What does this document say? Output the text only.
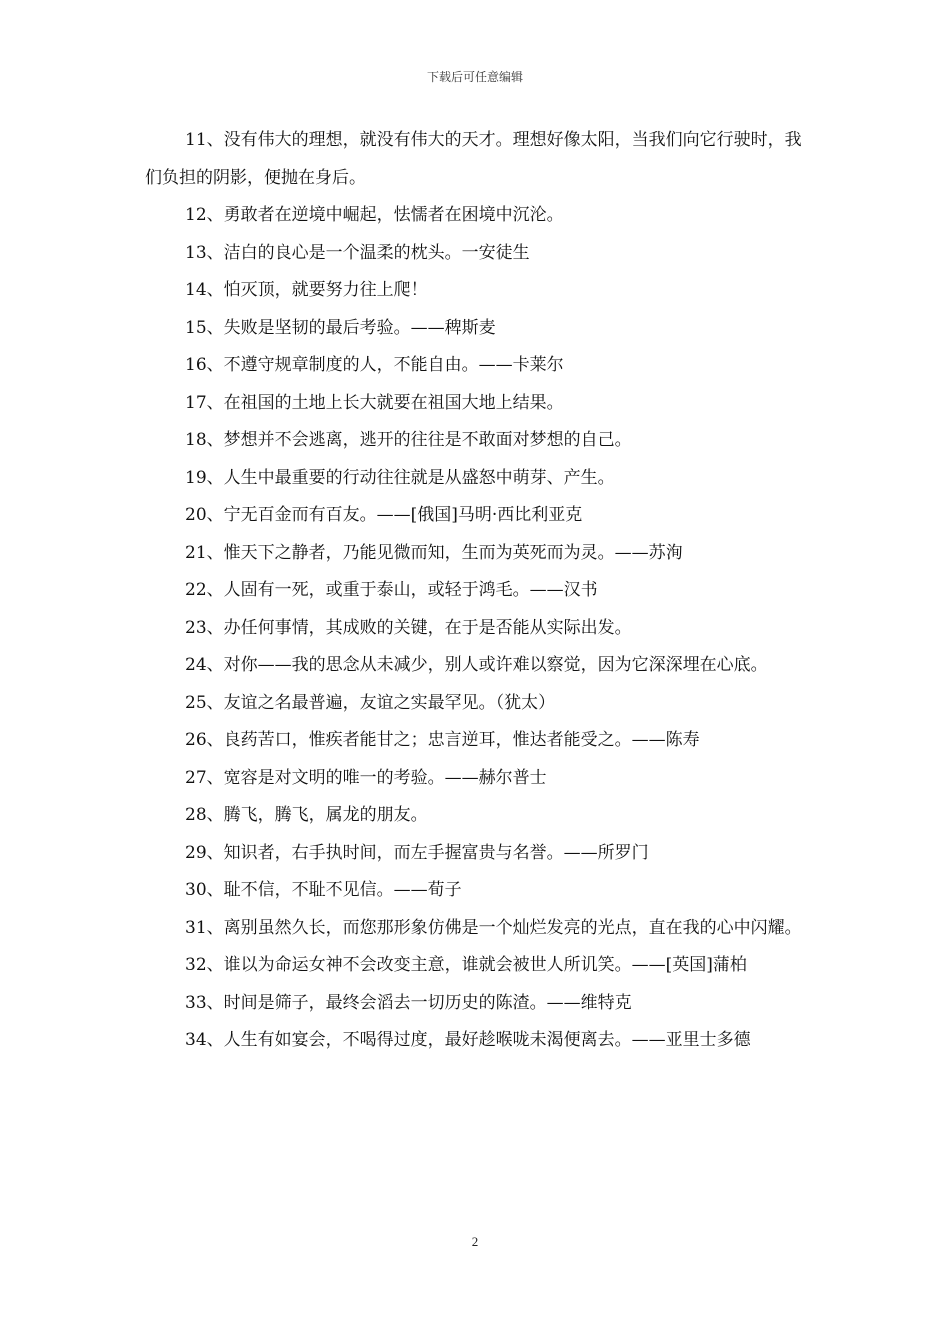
下载后可任意编辑

11、没有伟大的理想，就没有伟大的天才。理想好像太阳，当我们向它行驶时，我们负担的阴影，便抛在身后。

12、勇敢者在逆境中崛起，怯懦者在困境中沉沦。

13、洁白的良心是一个温柔的枕头。一安徒生

14、怕灭顶，就要努力往上爬！

15、失败是坚韧的最后考验。——稗斯麦

16、不遵守规章制度的人，不能自由。——卡莱尔

17、在祖国的土地上长大就要在祖国大地上结果。

18、梦想并不会逃离，逃开的往往是不敢面对梦想的自己。

19、人生中最重要的行动往往就是从盛怒中萌芽、产生。

20、宁无百金而有百友。——[俄国]马明·西比利亚克

21、惟天下之静者，乃能见微而知，生而为英死而为灵。——苏洵

22、人固有一死，或重于泰山，或轻于鸿毛。——汉书

23、办任何事情，其成败的关键，在于是否能从实际出发。

24、对你——我的思念从未减少，别人或许难以察觉，因为它深深埋在心底。

25、友谊之名最普遍，友谊之实最罕见。（犹太）

26、良药苦口，惟疾者能甘之；忠言逆耳，惟达者能受之。——陈寿

27、宽容是对文明的唯一的考验。——赫尔普士

28、腾飞，腾飞，属龙的朋友。

29、知识者，右手执时间，而左手握富贵与名誉。——所罗门

30、耻不信，不耻不见信。——荀子

31、离别虽然久长，而您那形象仿佛是一个灿烂发亮的光点，直在我的心中闪耀。

32、谁以为命运女神不会改变主意，谁就会被世人所讥笑。——[英国]蒲柏

33、时间是筛子，最终会滔去一切历史的陈渣。——维特克

34、人生有如宴会，不喝得过度，最好趁喉咙未渴便离去。——亚里士多德

2
